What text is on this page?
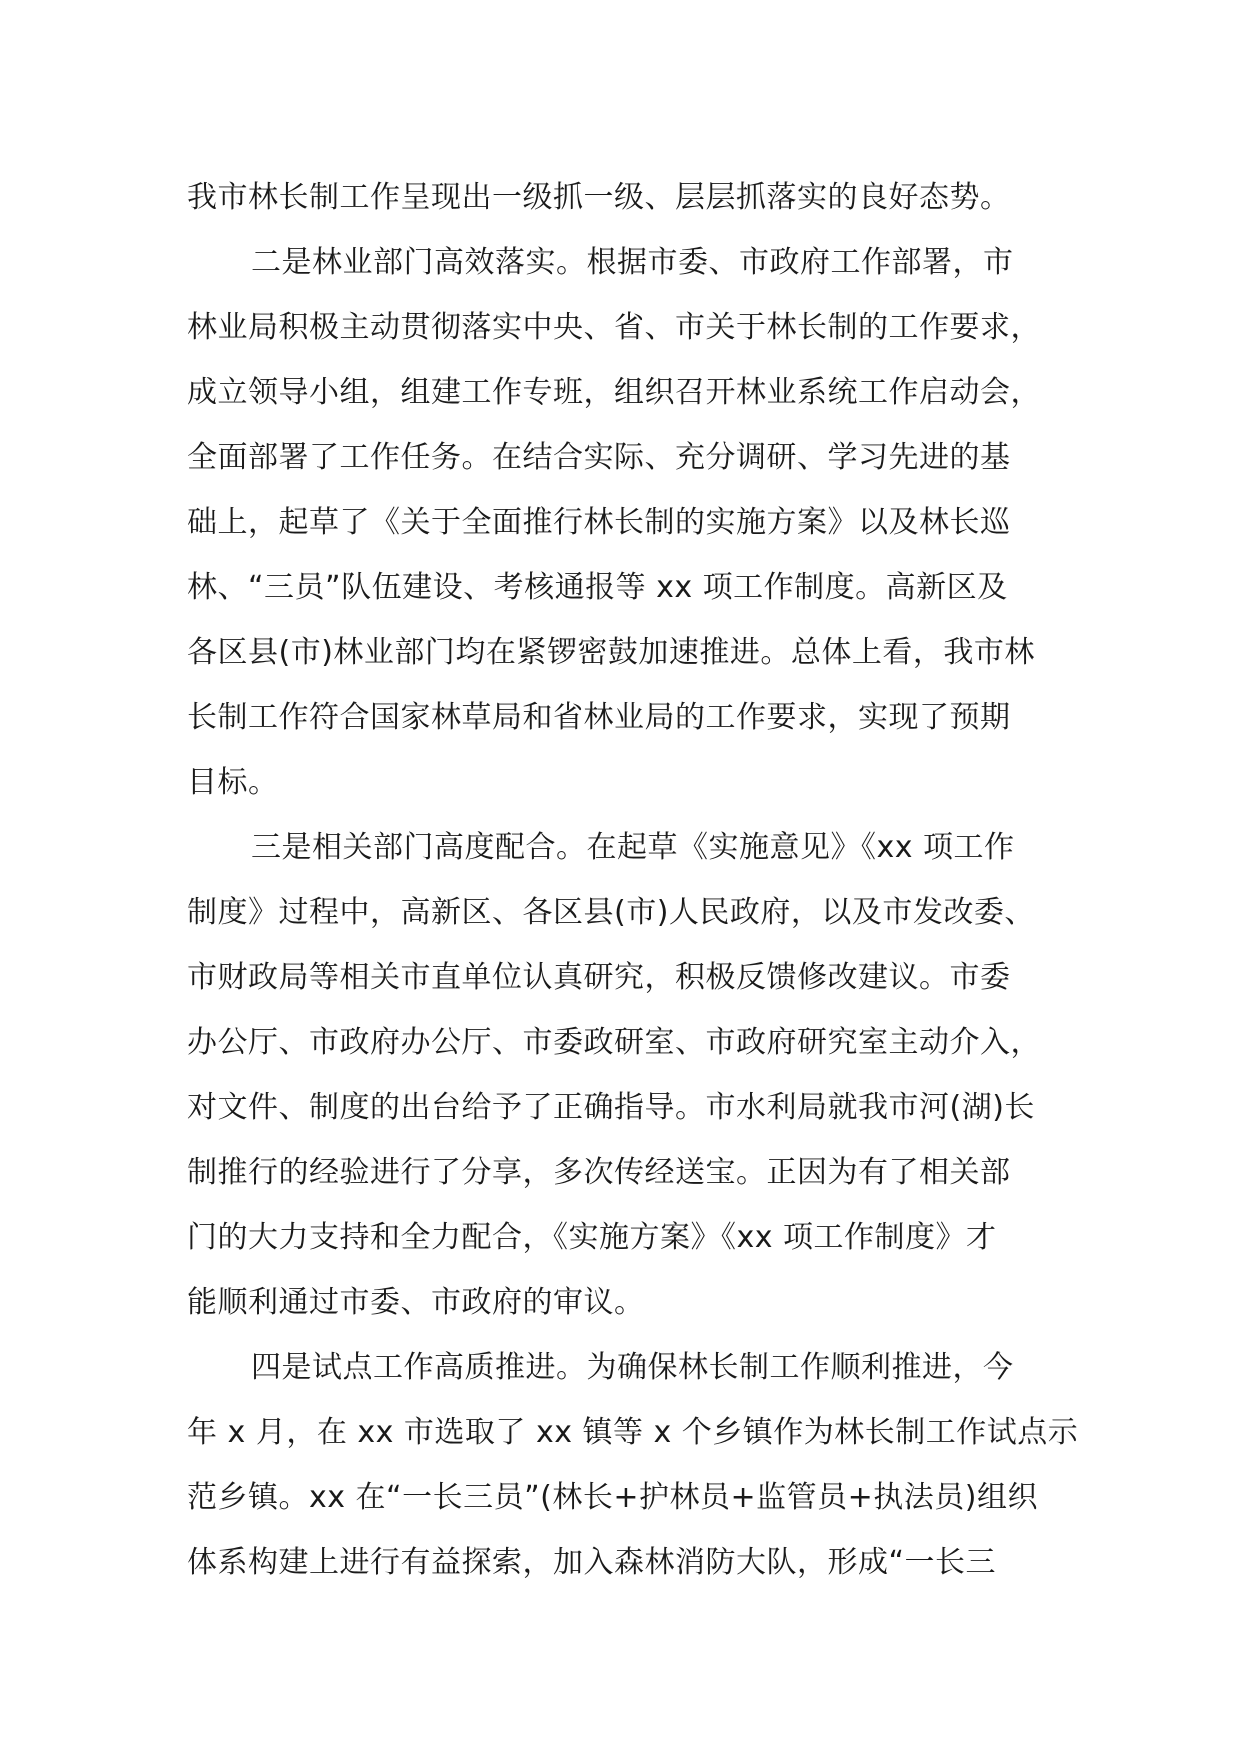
我市林长制工作呈现出一级抓一级、层层抓落实的良好态势。
二是林业部门高效落实。根据市委、市政府工作部署，市
林业局积极主动贯彻落实中央、省、市关于林长制的工作要求，
成立领导小组，组建工作专班，组织召开林业系统工作启动会，
全面部署了工作任务。在结合实际、充分调研、学习先进的基
础上，起草了《关于全面推行林长制的实施方案》以及林长巡
林、“三员”队伍建设、考核通报等 xx 项工作制度。高新区及
各区县(市)林业部门均在紧锣密鼓加速推进。总体上看，我市林
长制工作符合国家林草局和省林业局的工作要求，实现了预期
目标。
三是相关部门高度配合。在起草《实施意见》《xx 项工作
制度》过程中，高新区、各区县(市)人民政府，以及市发改委、
市财政局等相关市直单位认真研究，积极反馈修改建议。市委
办公厅、市政府办公厅、市委政研室、市政府研究室主动介入，
对文件、制度的出台给予了正确指导。市水利局就我市河(湖)长
制推行的经验进行了分享，多次传经送宝。正因为有了相关部
门的大力支持和全力配合，《实施方案》《xx 项工作制度》才
能顺利通过市委、市政府的审议。
四是试点工作高质推进。为确保林长制工作顺利推进，今
年 x 月，在 xx 市选取了 xx 镇等 x 个乡镇作为林长制工作试点示
范乡镇。xx 在“一长三员”(林长+护林员+监管员+执法员)组织
体系构建上进行有益探索，加入森林消防大队，形成“一长三
